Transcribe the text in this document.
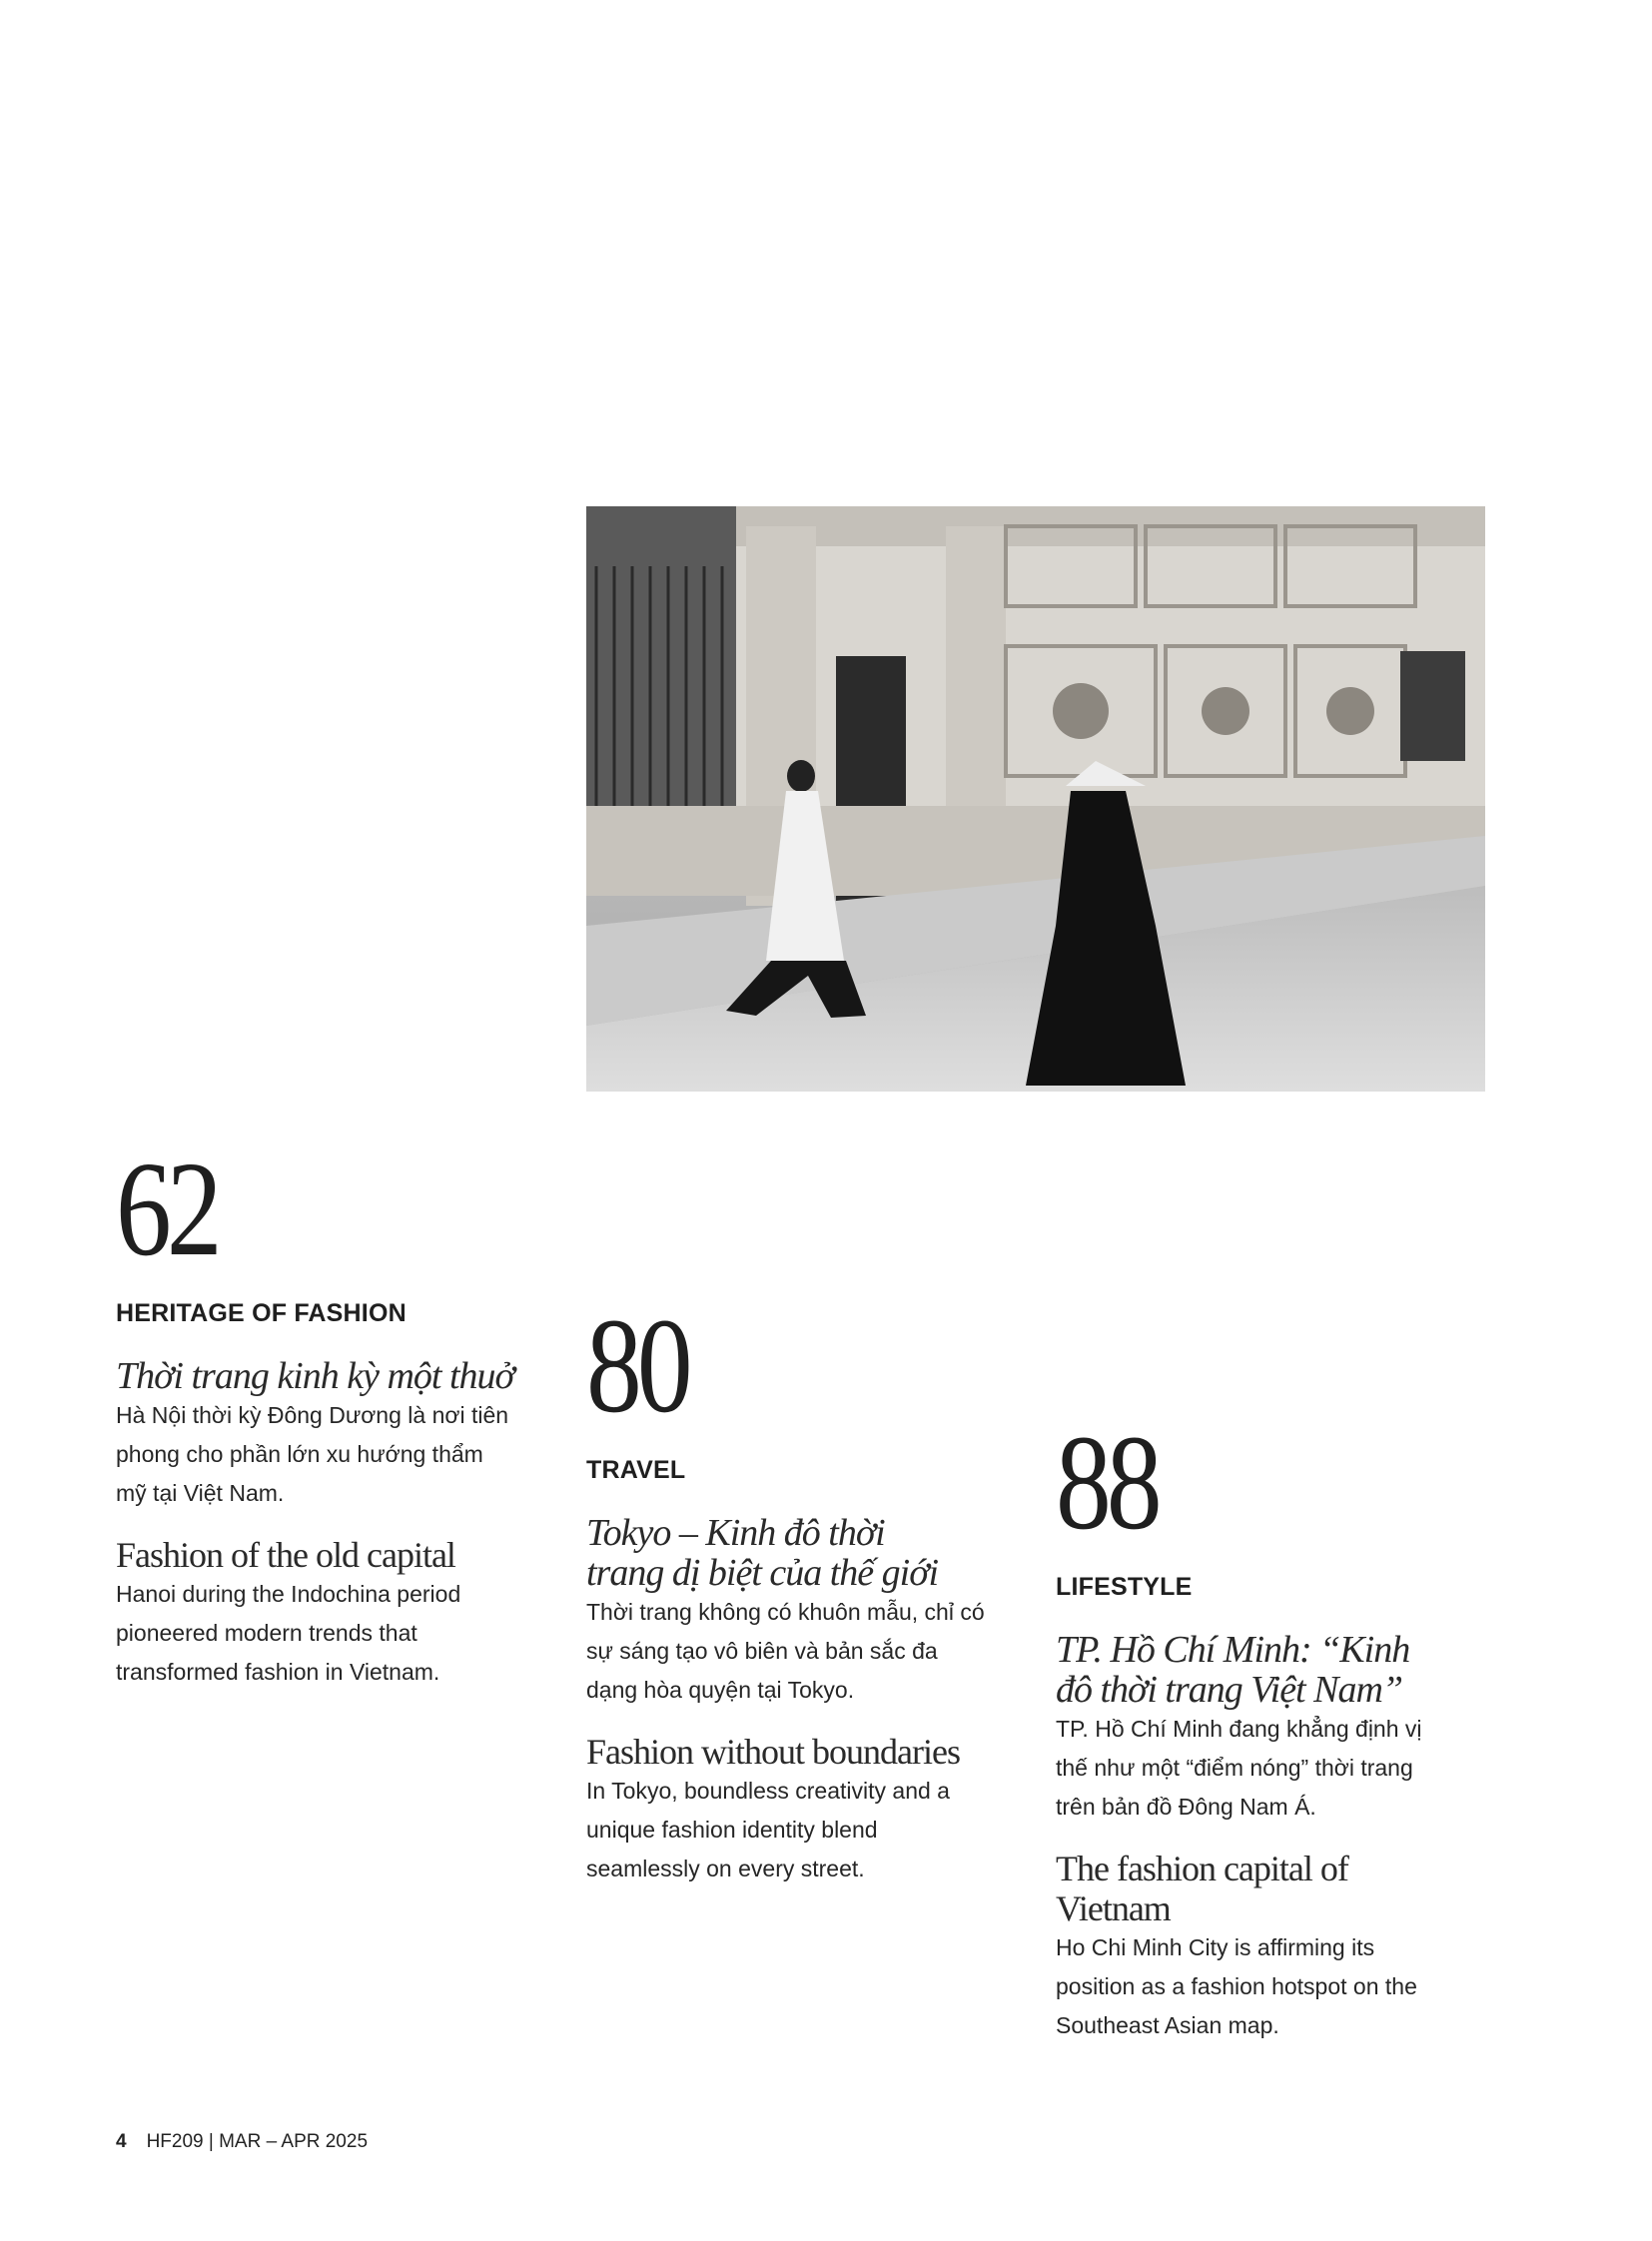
62
HERITAGE OF FASHION
Thời trang kinh kỳ một thuở
Hà Nội thời kỳ Đông Dương là nơi tiên phong cho phần lớn xu hướng thẩm mỹ tại Việt Nam.
Fashion of the old capital
Hanoi during the Indochina period pioneered modern trends that transformed fashion in Vietnam.
80
TRAVEL
Tokyo – Kinh đô thời trang dị biệt của thế giới
Thời trang không có khuôn mẫu, chỉ có sự sáng tạo vô biên và bản sắc đa dạng hòa quyện tại Tokyo.
Fashion without boundaries
In Tokyo, boundless creativity and a unique fashion identity blend seamlessly on every street.
88
LIFESTYLE
TP. Hồ Chí Minh: “Kinh đô thời trang Việt Nam”
TP. Hồ Chí Minh đang khẳng định vị thế như một “điểm nóng” thời trang trên bản đồ Đông Nam Á.
The fashion capital of Vietnam
Ho Chi Minh City is affirming its position as a fashion hotspot on the Southeast Asian map.
4 HF209 | MAR – APR 2025
